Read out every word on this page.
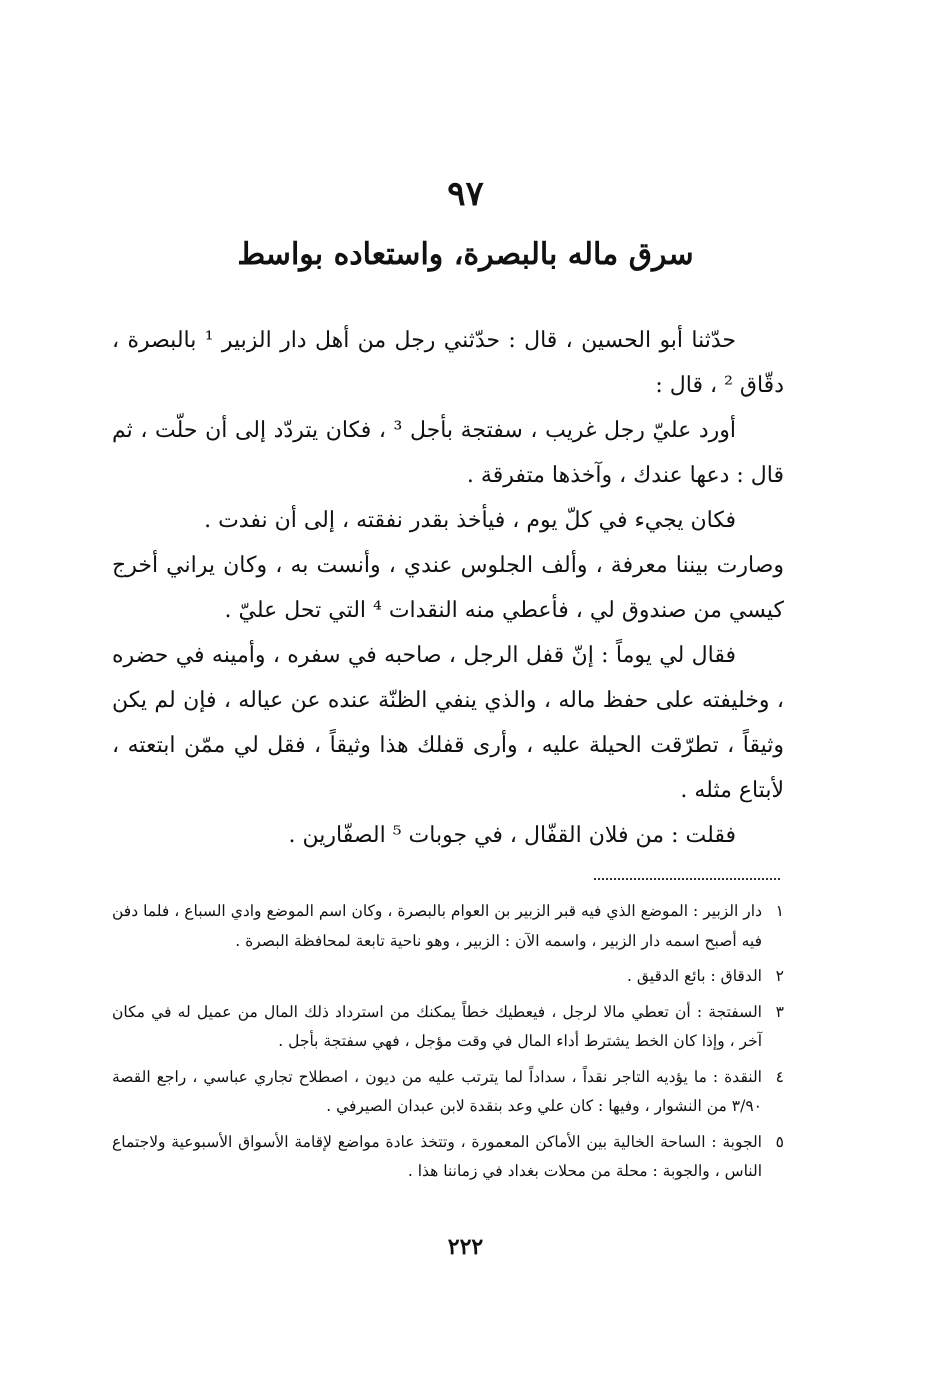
٩٧
سرق ماله بالبصرة، واستعاده بواسط

حدّثنا أبو الحسين ، قال : حدّثني رجل من أهل دار الزبير ¹ بالبصرة ، دقّاق ² ، قال :

أورد عليّ رجل غريب ، سفتجة بأجل ³ ، فكان يتردّد إلى أن حلّت ، ثم قال : دعها عندك ، وآخذها متفرقة .

فكان يجيء في كلّ يوم ، فيأخذ بقدر نفقته ، إلى أن نفدت .

وصارت بيننا معرفة ، وألف الجلوس عندي ، وأنست به ، وكان يراني أخرج كيسي من صندوق لي ، فأعطي منه النقدات ⁴ التي تحل عليّ .

فقال لي يوماً : إنّ قفل الرجل ، صاحبه في سفره ، وأمينه في حضره ، وخليفته على حفظ ماله ، والذي ينفي الظنّة عنده عن عياله ، فإن لم يكن وثيقاً ، تطرّقت الحيلة عليه ، وأرى قفلك هذا وثيقاً ، فقل لي ممّن ابتعته ، لأبتاع مثله .

فقلت : من فلان القفّال ، في جوبات ⁵ الصفّارين .

١
دار الزبير : الموضع الذي فيه قبر الزبير بن العوام بالبصرة ، وكان اسم الموضع وادي السباع ، فلما دفن فيه أصبح اسمه دار الزبير ، واسمه الآن : الزبير ، وهو ناحية تابعة لمحافظة البصرة .
٢
الدقاق : بائع الدقيق .
٣
السفتجة : أن تعطي مالا لرجل ، فيعطيك خطاً يمكنك من استرداد ذلك المال من عميل له في مكان آخر ، وإذا كان الخط يشترط أداء المال في وقت مؤجل ، فهي سفتجة بأجل .
٤
النقدة : ما يؤديه التاجر نقداً ، سداداً لما يترتب عليه من ديون ، اصطلاح تجاري عباسي ، راجع القصة ٣/٩٠ من النشوار ، وفيها : كان علي وعد بنقدة لابن عبدان الصيرفي .
٥
الجوبة : الساحة الخالية بين الأماكن المعمورة ، وتتخذ عادة مواضع لإقامة الأسواق الأسبوعية ولاجتماع الناس ، والجوبة : محلة من محلات بغداد في زماننا هذا .
٢٢٢
